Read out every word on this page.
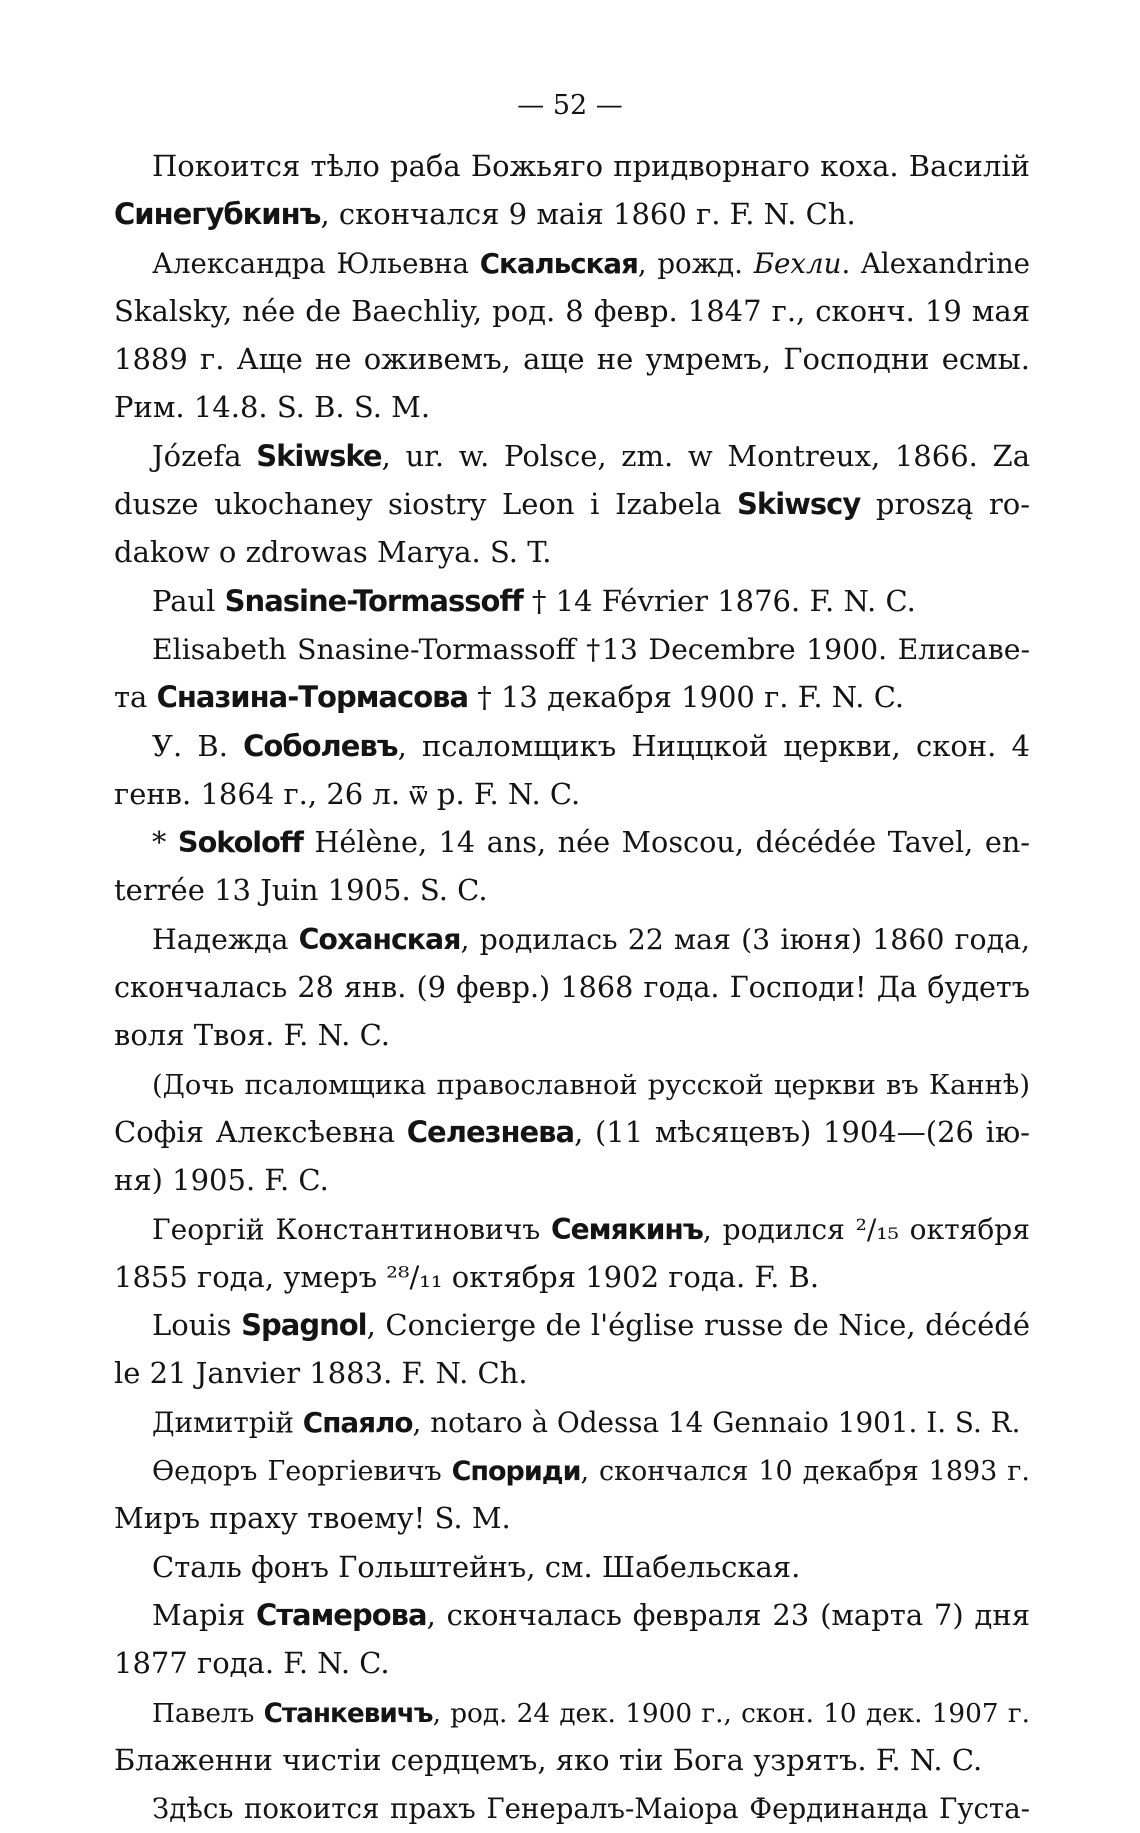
— 52 —
Покоится тѣло раба Божьяго придворнаго коха. Василій
Синегубкинъ, скончался 9 маія 1860 г. F. N. Ch.
Александра Юльевна Скальская, рожд. Бехли. Alexandrine
Skalsky, née de Baechliy, род. 8 февр. 1847 г., сконч. 19 мая
1889 г. Аще не оживемъ, аще не умремъ, Господни есмы.
Рим. 14.8. S. B. S. M.
Józefa Skiwske, ur. w. Polsce, zm. w Montreux, 1866. Za
dusze ukochaney siostry Leon i Izabela Skiwscy proszą ro-
dakow o zdrowas Marya. S. T.
Paul Snasine-Tormassoff † 14 Février 1876. F. N. C.
Elisabeth Snasine-Tormassoff †13 Decembre 1900. Елисаве-
та Сназина-Тормасова † 13 декабря 1900 г. F. N. C.
У. В. Соболевъ, псаломщикъ Ниццкой церкви, скон. 4
генв. 1864 г., 26 л. ѿ р. F. N. C.
* Sokoloff Hélène, 14 ans, née Moscou, décédée Tavel, en-
terrée 13 Juin 1905. S. C.
Надежда Соханская, родилась 22 мая (3 іюня) 1860 года,
скончалась 28 янв. (9 февр.) 1868 года. Господи! Да будетъ
воля Твоя. F. N. C.
(Дочь псаломщика православной русской церкви въ Каннѣ)
Софія Алексѣевна Селезнева, (11 мѣсяцевъ) 1904—(26 ію-
ня) 1905. F. C.
Георгій Константиновичъ Семякинъ, родился ²/₁₅ октября
1855 года, умеръ ²⁸/₁₁ октября 1902 года. F. B.
Louis Spagnol, Concierge de l'église russe de Nice, décédé
le 21 Janvier 1883. F. N. Ch.
Димитрій Спаяло, notaro à Odessa 14 Gennaio 1901. I. S. R.
Ѳедоръ Георгіевичъ Спориди, скончался 10 декабря 1893 г.
Миръ праху твоему! S. M.
Сталь фонъ Гольштейнъ, см. Шабельская.
Марія Стамерова, скончалась февраля 23 (марта 7) дня
1877 года. F. N. C.
Павелъ Станкевичъ, род. 24 дек. 1900 г., скон. 10 дек. 1907 г.
Блаженни чистіи сердцемъ, яко тіи Бога узрятъ. F. N. C.
Здѣсь покоится прахъ Генералъ-Маіора Фердинанда Густа-
